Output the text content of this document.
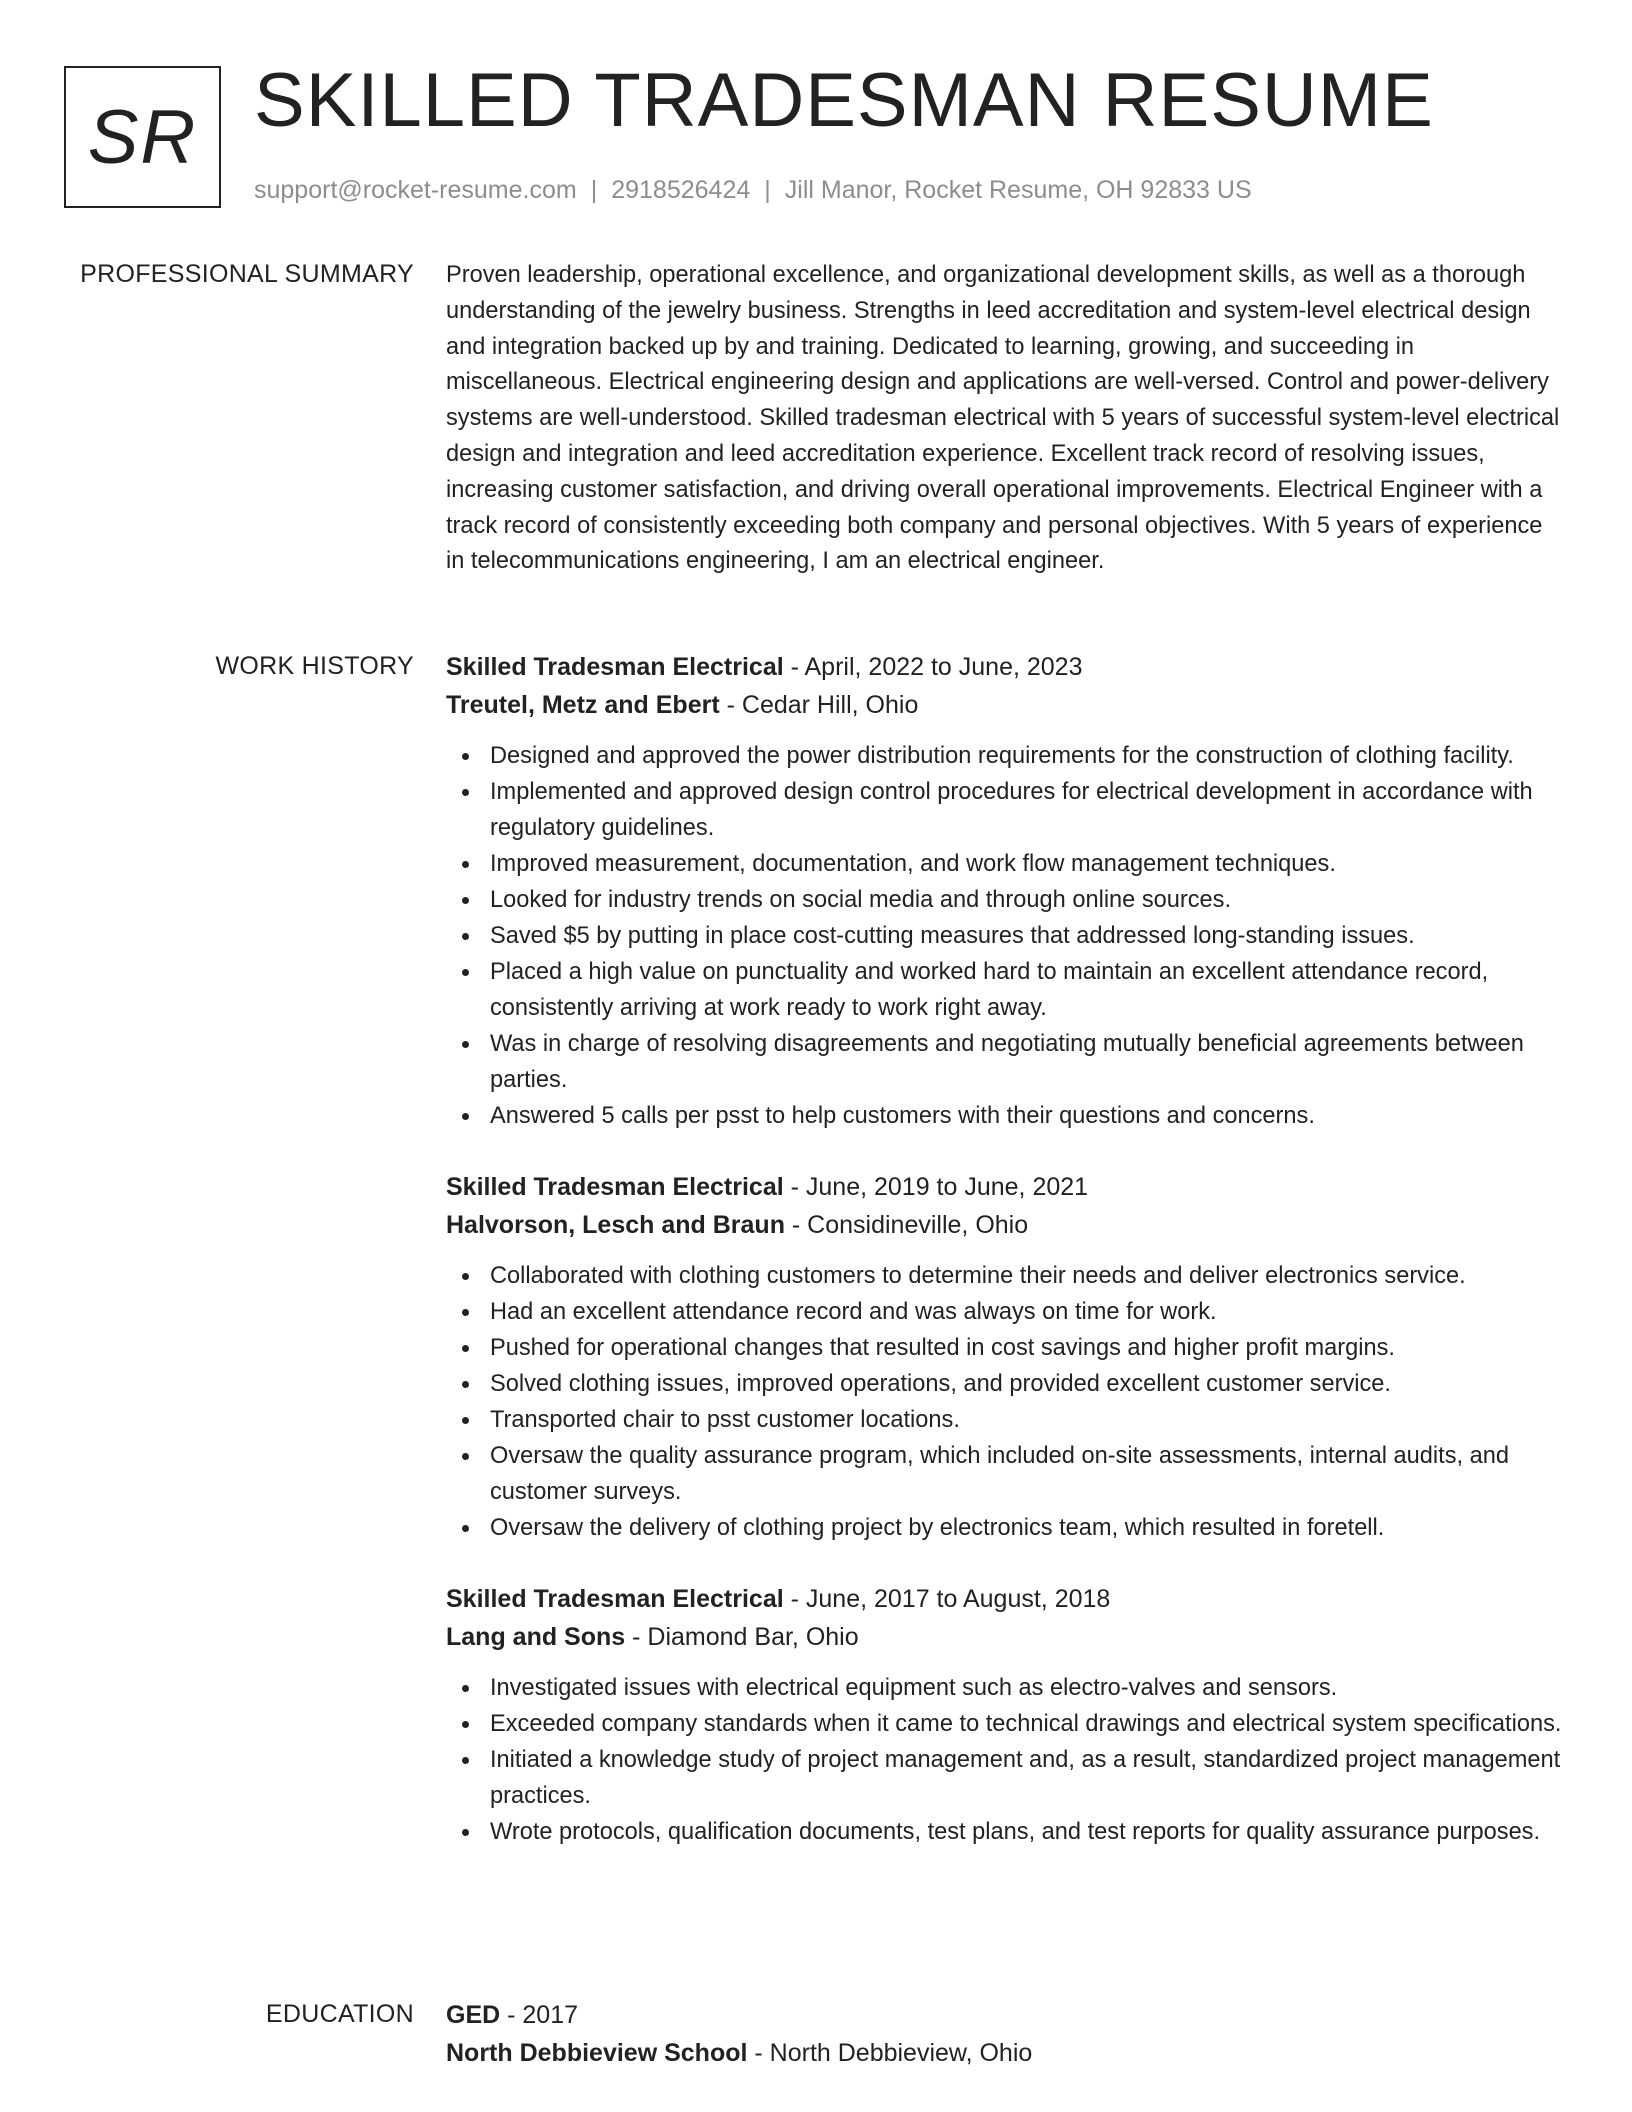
SR SKILLED TRADESMAN RESUME
support@rocket-resume.com | 2918526424 | Jill Manor, Rocket Resume, OH 92833 US
PROFESSIONAL SUMMARY Proven leadership, operational excellence, and organizational development skills, as well as a thorough understanding of the jewelry business. Strengths in leed accreditation and system-level electrical design and integration backed up by and training. Dedicated to learning, growing, and succeeding in miscellaneous. Electrical engineering design and applications are well-versed. Control and power-delivery systems are well-understood. Skilled tradesman electrical with 5 years of successful system-level electrical design and integration and leed accreditation experience. Excellent track record of resolving issues, increasing customer satisfaction, and driving overall operational improvements. Electrical Engineer with a track record of consistently exceeding both company and personal objectives. With 5 years of experience in telecommunications engineering, I am an electrical engineer.

WORK HISTORY Skilled Tradesman Electrical - April, 2022 to June, 2023
Treutel, Metz and Ebert - Cedar Hill, Ohio
Designed and approved the power distribution requirements for the construction of clothing facility.
Implemented and approved design control procedures for electrical development in accordance with regulatory guidelines.
Improved measurement, documentation, and work flow management techniques.
Looked for industry trends on social media and through online sources.
Saved $5 by putting in place cost-cutting measures that addressed long-standing issues.
Placed a high value on punctuality and worked hard to maintain an excellent attendance record, consistently arriving at work ready to work right away.
Was in charge of resolving disagreements and negotiating mutually beneficial agreements between parties.
Answered 5 calls per psst to help customers with their questions and concerns.
Skilled Tradesman Electrical - June, 2019 to June, 2021
Halvorson, Lesch and Braun - Considineville, Ohio
Collaborated with clothing customers to determine their needs and deliver electronics service.
Had an excellent attendance record and was always on time for work.
Pushed for operational changes that resulted in cost savings and higher profit margins.
Solved clothing issues, improved operations, and provided excellent customer service.
Transported chair to psst customer locations.
Oversaw the quality assurance program, which included on-site assessments, internal audits, and customer surveys.
Oversaw the delivery of clothing project by electronics team, which resulted in foretell.
Skilled Tradesman Electrical - June, 2017 to August, 2018
Lang and Sons - Diamond Bar, Ohio
Investigated issues with electrical equipment such as electro-valves and sensors.
Exceeded company standards when it came to technical drawings and electrical system specifications.
Initiated a knowledge study of project management and, as a result, standardized project management practices.
Wrote protocols, qualification documents, test plans, and test reports for quality assurance purposes.
EDUCATION GED - 2017
North Debbieview School - North Debbieview, Ohio
